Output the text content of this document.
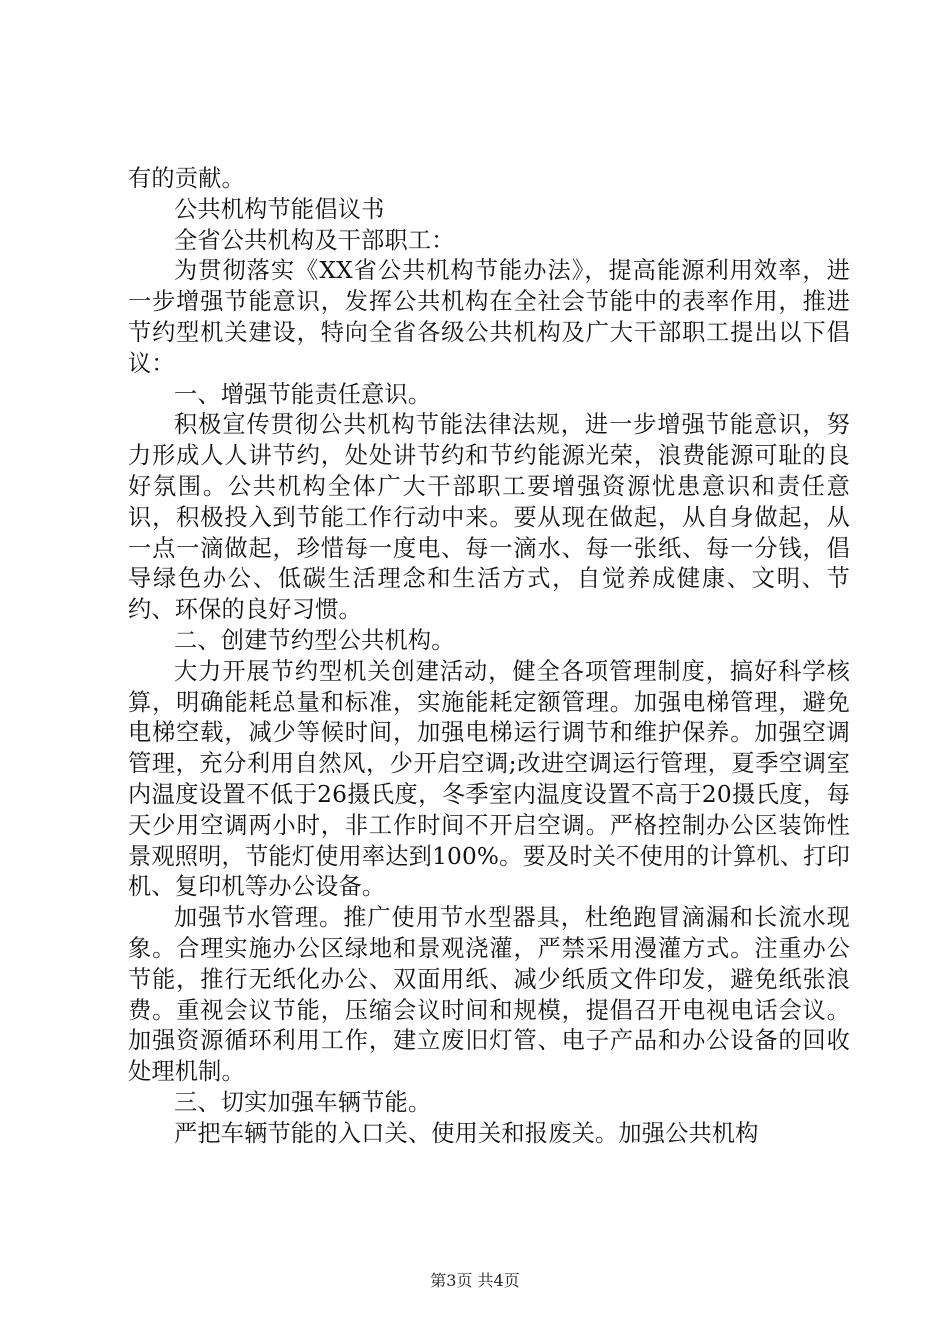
有的贡献。

公共机构节能倡议书

全省公共机构及干部职工：

为贯彻落实《XX省公共机构节能办法》，提高能源利用效率，进一步增强节能意识，发挥公共机构在全社会节能中的表率作用，推进节约型机关建设，特向全省各级公共机构及广大干部职工提出以下倡议：

一、增强节能责任意识。

积极宣传贯彻公共机构节能法律法规，进一步增强节能意识，努力形成人人讲节约，处处讲节约和节约能源光荣，浪费能源可耻的良好氛围。公共机构全体广大干部职工要增强资源忧患意识和责任意识，积极投入到节能工作行动中来。要从现在做起，从自身做起，从一点一滴做起，珍惜每一度电、每一滴水、每一张纸、每一分钱，倡导绿色办公、低碳生活理念和生活方式，自觉养成健康、文明、节约、环保的良好习惯。

二、创建节约型公共机构。

大力开展节约型机关创建活动，健全各项管理制度，搞好科学核算，明确能耗总量和标准，实施能耗定额管理。加强电梯管理，避免电梯空载，减少等候时间，加强电梯运行调节和维护保养。加强空调管理，充分利用自然风，少开启空调;改进空调运行管理，夏季空调室内温度设置不低于26摄氏度，冬季室内温度设置不高于20摄氏度，每天少用空调两小时，非工作时间不开启空调。严格控制办公区装饰性景观照明，节能灯使用率达到100%。要及时关不使用的计算机、打印机、复印机等办公设备。

加强节水管理。推广使用节水型器具，杜绝跑冒滴漏和长流水现象。合理实施办公区绿地和景观浇灌，严禁采用漫灌方式。注重办公节能，推行无纸化办公、双面用纸、减少纸质文件印发，避免纸张浪费。重视会议节能，压缩会议时间和规模，提倡召开电视电话会议。加强资源循环利用工作，建立废旧灯管、电子产品和办公设备的回收处理机制。

三、切实加强车辆节能。

严把车辆节能的入口关、使用关和报废关。加强公共机构

第3页 共4页
